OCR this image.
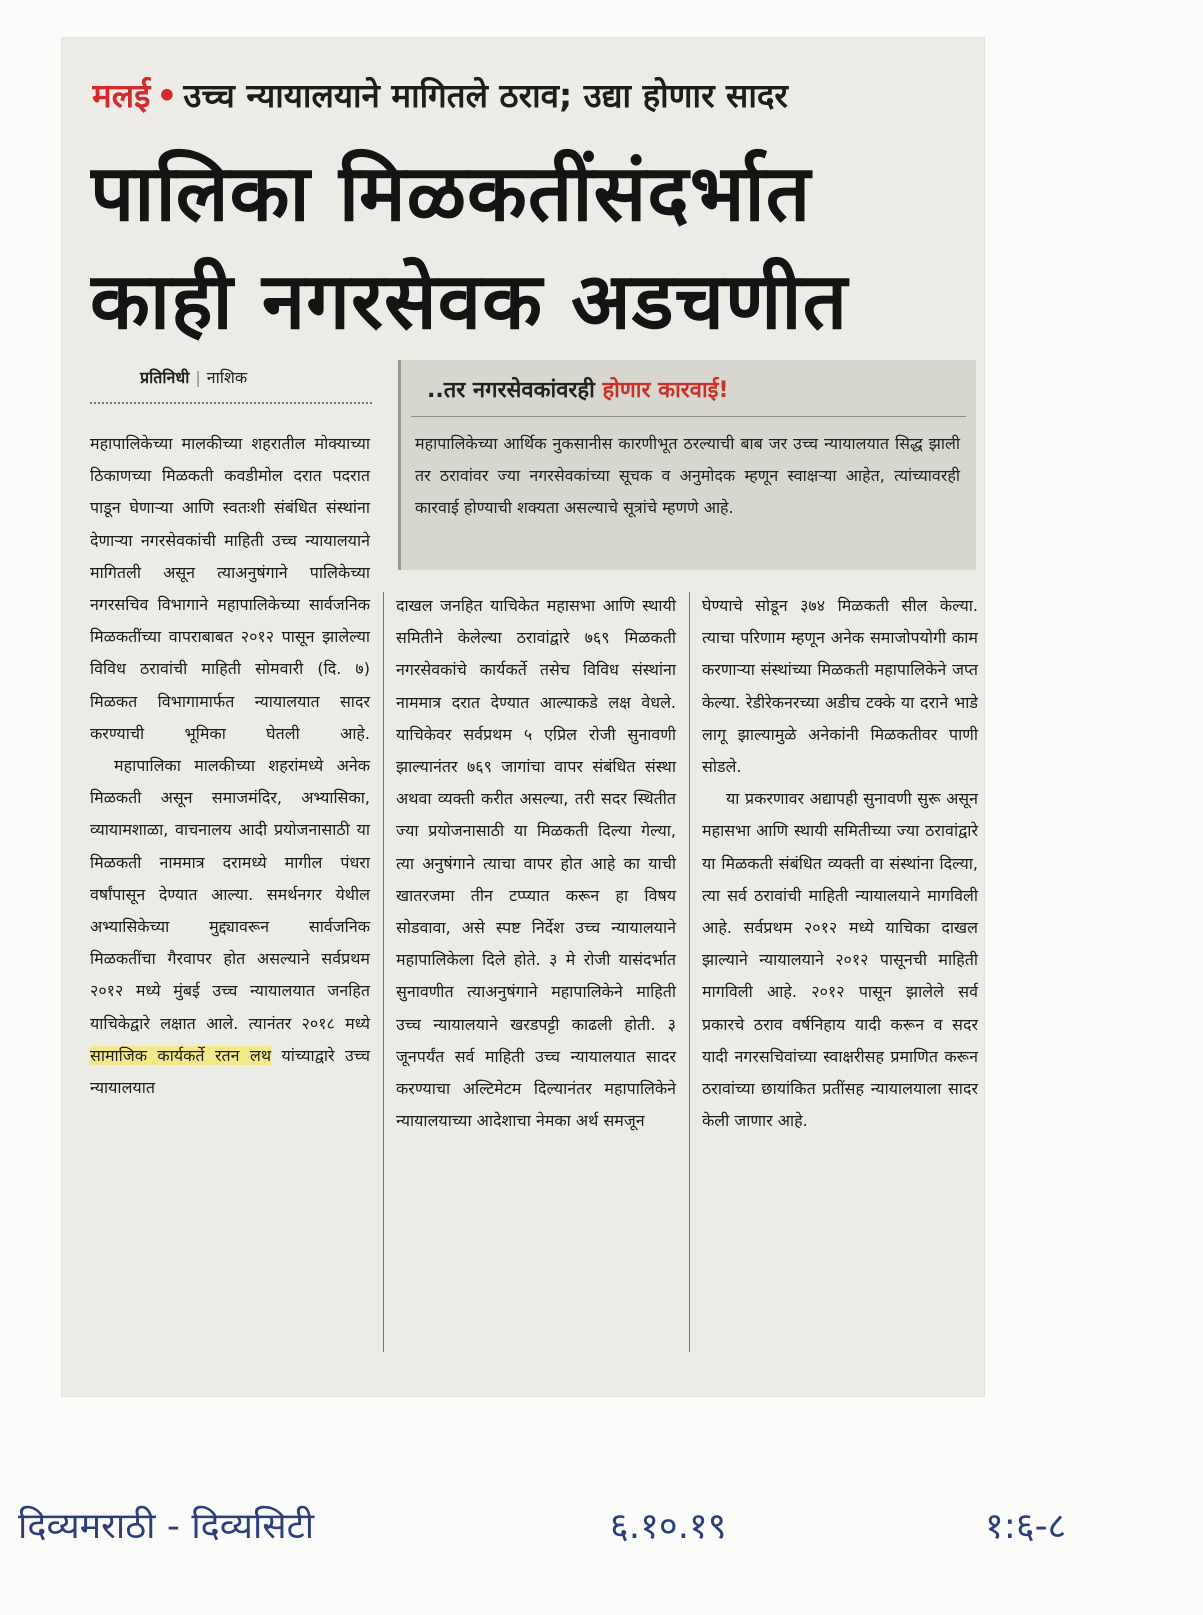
मलई • उच्च न्यायालयाने मागितले ठराव; उद्या होणार सादर
पालिका मिळकतींसंदर्भात
काही नगरसेवक अडचणीत
प्रतिनिधी | नाशिक
..तर नगरसेवकांवरही होणार कारवाई!
महापालिकेच्या आर्थिक नुकसानीस कारणीभूत ठरल्याची बाब जर उच्च न्यायालयात सिद्ध झाली तर ठरावांवर ज्या नगरसेवकांच्या सूचक व अनुमोदक म्हणून स्वाक्षऱ्या आहेत, त्यांच्यावरही कारवाई होण्याची शक्यता असल्याचे सूत्रांचे म्हणणे आहे.
महापालिकेच्या मालकीच्या शहरातील मोक्याच्या ठिकाणच्या मिळकती कवडीमोल दरात पदरात पाडून घेणाऱ्या आणि स्वतःशी संबंधित संस्थांना देणाऱ्या नगरसेवकांची माहिती उच्च न्यायालयाने मागितली असून त्याअनुषंगाने पालिकेच्या नगरसचिव विभागाने महापालिकेच्या सार्वजनिक मिळकतींच्या वापराबाबत २०१२ पासून झालेल्या विविध ठरावांची माहिती सोमवारी (दि. ७) मिळकत विभागामार्फत न्यायालयात सादर करण्याची भूमिका घेतली आहे.
महापालिका मालकीच्या शहरांमध्ये अनेक मिळकती असून समाजमंदिर, अभ्यासिका, व्यायामशाळा, वाचनालय आदी प्रयोजनासाठी या मिळकती नाममात्र दरामध्ये मागील पंधरा वर्षांपासून देण्यात आल्या. समर्थनगर येथील अभ्यासिकेच्या मुद्द्यावरून सार्वजनिक मिळकतींचा गैरवापर होत असल्याने सर्वप्रथम २०१२ मध्ये मुंबई उच्च न्यायालयात जनहित याचिकेद्वारे लक्षात आले. त्यानंतर २०१८ मध्ये सामाजिक कार्यकर्ते रतन लथ यांच्याद्वारे उच्च न्यायालयात
दाखल जनहित याचिकेत महासभा आणि स्थायी समितीने केलेल्या ठरावांद्वारे ७६९ मिळकती नगरसेवकांचे कार्यकर्ते तसेच विविध संस्थांना नाममात्र दरात देण्यात आल्याकडे लक्ष वेधले. याचिकेवर सर्वप्रथम ५ एप्रिल रोजी सुनावणी झाल्यानंतर ७६९ जागांचा वापर संबंधित संस्था अथवा व्यक्ती करीत असल्या, तरी सदर स्थितीत ज्या प्रयोजनासाठी या मिळकती दिल्या गेल्या, त्या अनुषंगाने त्याचा वापर होत आहे का याची खातरजमा तीन टप्प्यात करून हा विषय सोडवावा, असे स्पष्ट निर्देश उच्च न्यायालयाने महापालिकेला दिले होते. ३ मे रोजी यासंदर्भात सुनावणीत त्याअनुषंगाने महापालिकेने माहिती उच्च न्यायालयाने खरडपट्टी काढली होती. ३ जूनपर्यंत सर्व माहिती उच्च न्यायालयात सादर करण्याचा अल्टिमेटम दिल्यानंतर महापालिकेने न्यायालयाच्या आदेशाचा नेमका अर्थ समजून
घेण्याचे सोडून ३७४ मिळकती सील केल्या. त्याचा परिणाम म्हणून अनेक समाजोपयोगी काम करणाऱ्या संस्थांच्या मिळकती महापालिकेने जप्त केल्या. रेडीरेकनरच्या अडीच टक्के या दराने भाडे लागू झाल्यामुळे अनेकांनी मिळकतीवर पाणी सोडले.
या प्रकरणावर अद्यापही सुनावणी सुरू असून महासभा आणि स्थायी समितीच्या ज्या ठरावांद्वारे या मिळकती संबंधित व्यक्ती वा संस्थांना दिल्या, त्या सर्व ठरावांची माहिती न्यायालयाने मागविली आहे. सर्वप्रथम २०१२ मध्ये याचिका दाखल झाल्याने न्यायालयाने २०१२ पासूनची माहिती मागविली आहे. २०१२ पासून झालेले सर्व प्रकारचे ठराव वर्षनिहाय यादी करून व सदर यादी नगरसचिवांच्या स्वाक्षरीसह प्रमाणित करून ठरावांच्या छायांकित प्रतींसह न्यायालयाला सादर केली जाणार आहे.
दिव्यमराठी - दिव्यसिटी	६.१०.१९	१:६-८
